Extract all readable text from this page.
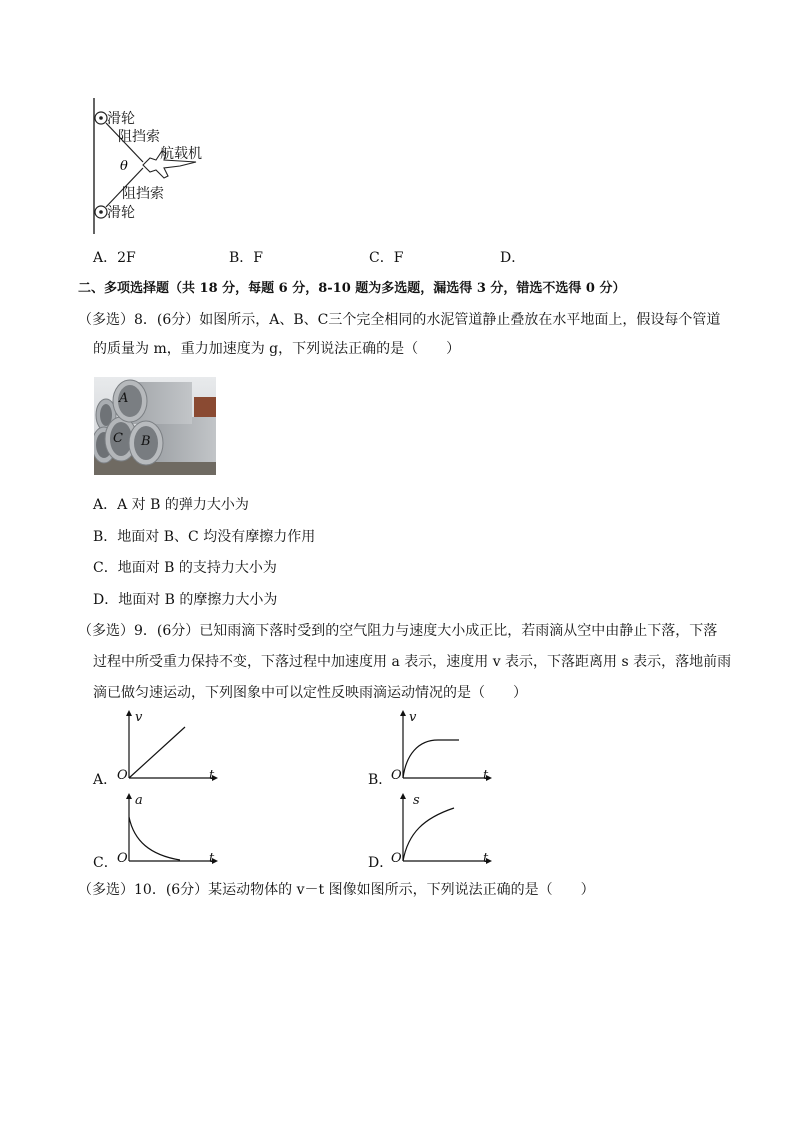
θ
滑轮
阻挡索
航载机
阻挡索
滑轮
A．2F	B．F	C．F	D．
二、多项选择题（共 18 分，每题 6 分，8-10 题为多选题，漏选得 3 分，错选不选得 0 分）
（多选）8．(6分）如图所示，A、B、C三个完全相同的水泥管道静止叠放在水平地面上，假设每个管道
的质量为 m，重力加速度为 g，下列说法正确的是（　　）
A
B
C
A．A 对 B 的弹力大小为
B．地面对 B、C 均没有摩擦力作用
C．地面对 B 的支持力大小为
D．地面对 B 的摩擦力大小为
（多选）9．(6分）已知雨滴下落时受到的空气阻力与速度大小成正比，若雨滴从空中由静止下落，下落
过程中所受重力保持不变，下落过程中加速度用 a 表示，速度用 v 表示，下落距离用 s 表示，落地前雨
滴已做匀速运动，下列图象中可以定性反映雨滴运动情况的是（　　）
A．
v
t
O	B．
v
t
O
C．
a
t
O	D．
s
t
O
（多选）10．(6分）某运动物体的 v－t 图像如图所示，下列说法正确的是（　　）
